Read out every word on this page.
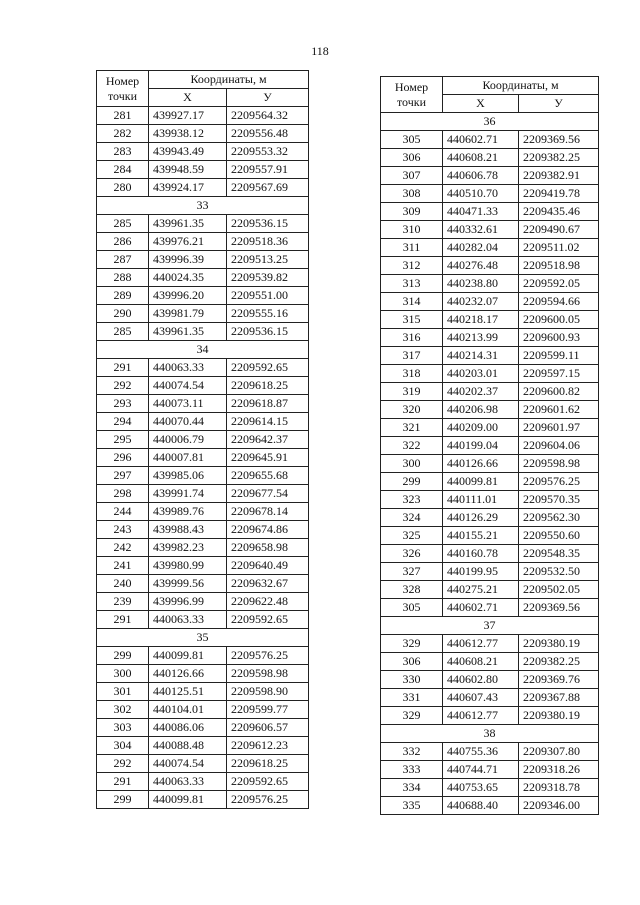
118
Номер точки	Координаты, м	
	X	У
281	439927.17	2209564.32
282	439938.12	2209556.48
283	439943.49	2209553.32
284	439948.59	2209557.91
280	439924.17	2209567.69
33		
285	439961.35	2209536.15
286	439976.21	2209518.36
287	439996.39	2209513.25
288	440024.35	2209539.82
289	439996.20	2209551.00
290	439981.79	2209555.16
285	439961.35	2209536.15
34		
291	440063.33	2209592.65
292	440074.54	2209618.25
293	440073.11	2209618.87
294	440070.44	2209614.15
295	440006.79	2209642.37
296	440007.81	2209645.91
297	439985.06	2209655.68
298	439991.74	2209677.54
244	439989.76	2209678.14
243	439988.43	2209674.86
242	439982.23	2209658.98
241	439980.99	2209640.49
240	439999.56	2209632.67
239	439996.99	2209622.48
291	440063.33	2209592.65
35		
299	440099.81	2209576.25
300	440126.66	2209598.98
301	440125.51	2209598.90
302	440104.01	2209599.77
303	440086.06	2209606.57
304	440088.48	2209612.23
292	440074.54	2209618.25
291	440063.33	2209592.65
299	440099.81	2209576.25
Номер точки	Координаты, м	
	X	У
36		
305	440602.71	2209369.56
306	440608.21	2209382.25
307	440606.78	2209382.91
308	440510.70	2209419.78
309	440471.33	2209435.46
310	440332.61	2209490.67
311	440282.04	2209511.02
312	440276.48	2209518.98
313	440238.80	2209592.05
314	440232.07	2209594.66
315	440218.17	2209600.05
316	440213.99	2209600.93
317	440214.31	2209599.11
318	440203.01	2209597.15
319	440202.37	2209600.82
320	440206.98	2209601.62
321	440209.00	2209601.97
322	440199.04	2209604.06
300	440126.66	2209598.98
299	440099.81	2209576.25
323	440111.01	2209570.35
324	440126.29	2209562.30
325	440155.21	2209550.60
326	440160.78	2209548.35
327	440199.95	2209532.50
328	440275.21	2209502.05
305	440602.71	2209369.56
37		
329	440612.77	2209380.19
306	440608.21	2209382.25
330	440602.80	2209369.76
331	440607.43	2209367.88
329	440612.77	2209380.19
38		
332	440755.36	2209307.80
333	440744.71	2209318.26
334	440753.65	2209318.78
335	440688.40	2209346.00
